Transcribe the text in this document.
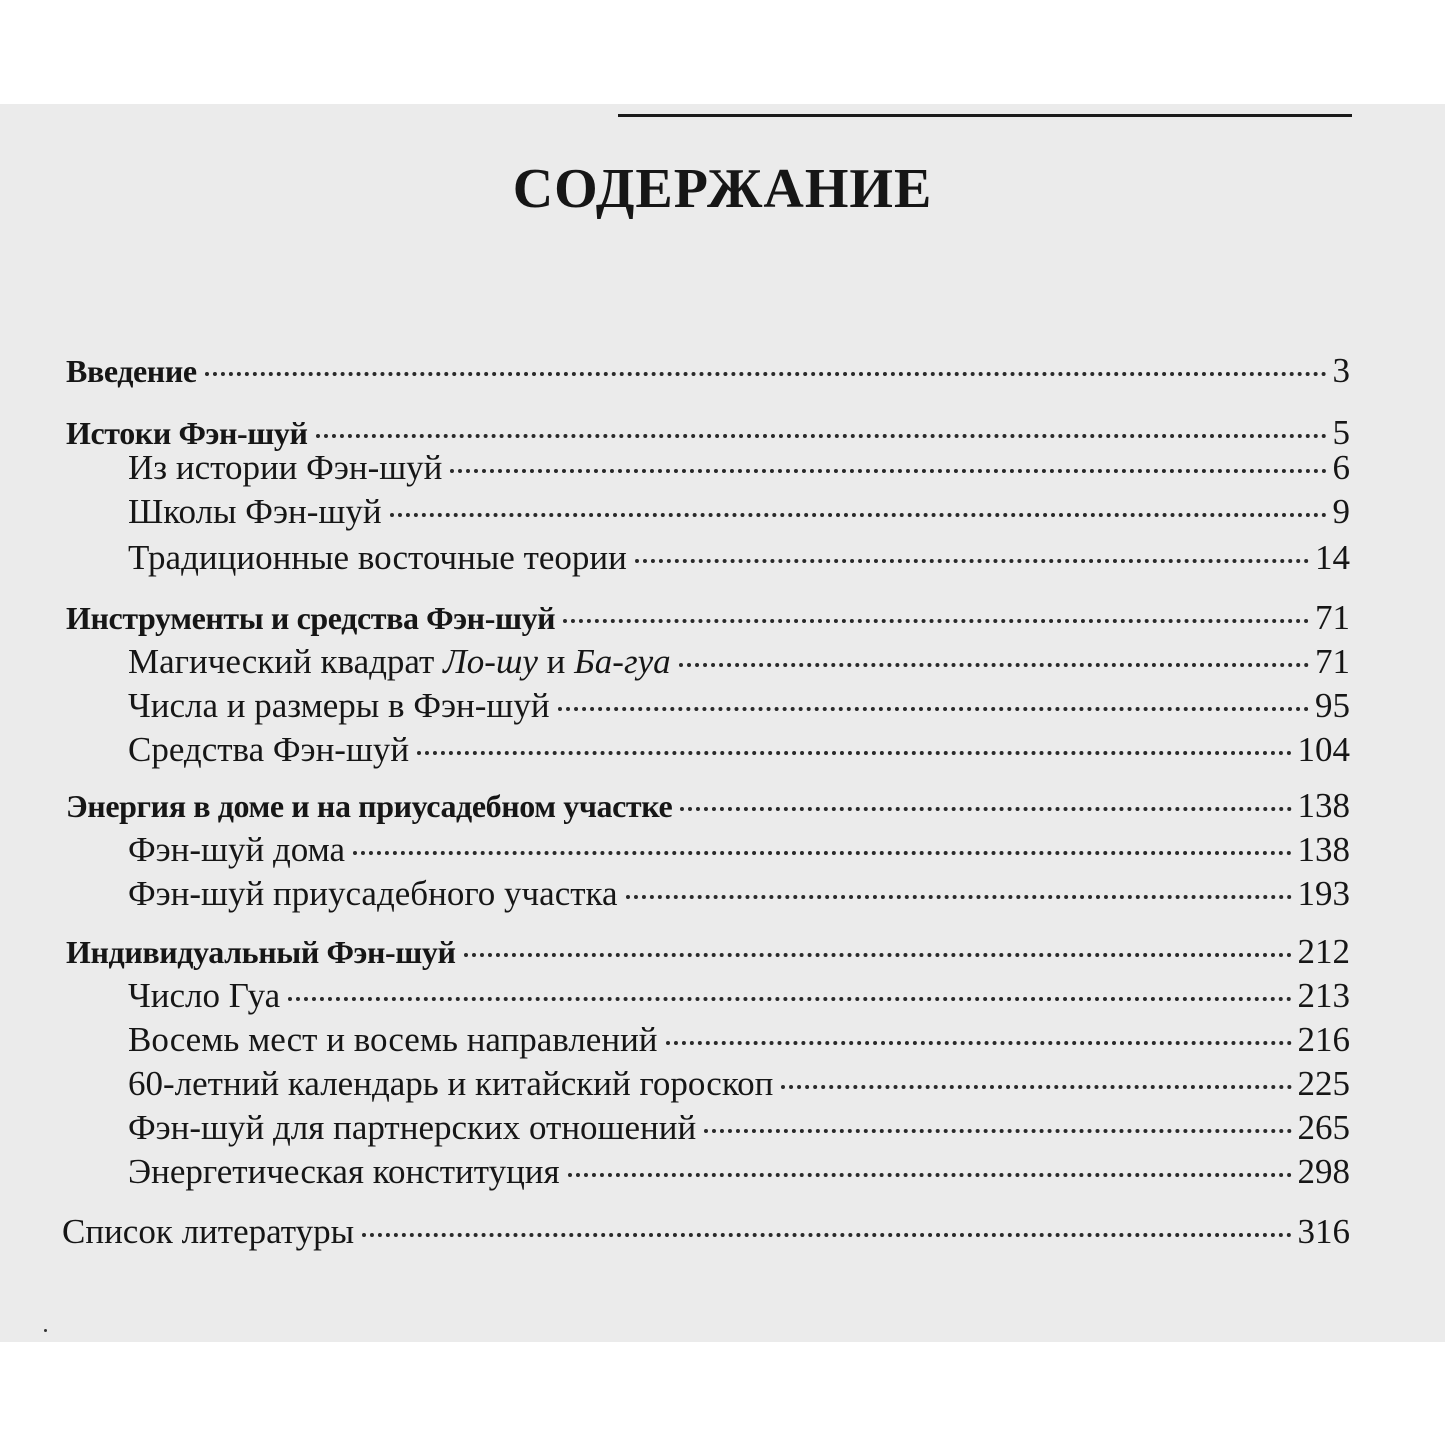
СОДЕРЖАНИЕ
Введение	3
Истоки Фэн-шуй	5
Из истории Фэн-шуй	6
Школы Фэн-шуй	9
Традиционные восточные теории	14
Инструменты и средства Фэн-шуй	71
Магический квадрат Ло-шу и Ба-гуа	71
Числа и размеры в Фэн-шуй	95
Средства Фэн-шуй	104
Энергия в доме и на приусадебном участке	138
Фэн-шуй дома	138
Фэн-шуй приусадебного участка	193
Индивидуальный Фэн-шуй	212
Число Гуа	213
Восемь мест и восемь направлений	216
60-летний календарь и китайский гороскоп	225
Фэн-шуй для партнерских отношений	265
Энергетическая конституция	298
Список литературы	316
